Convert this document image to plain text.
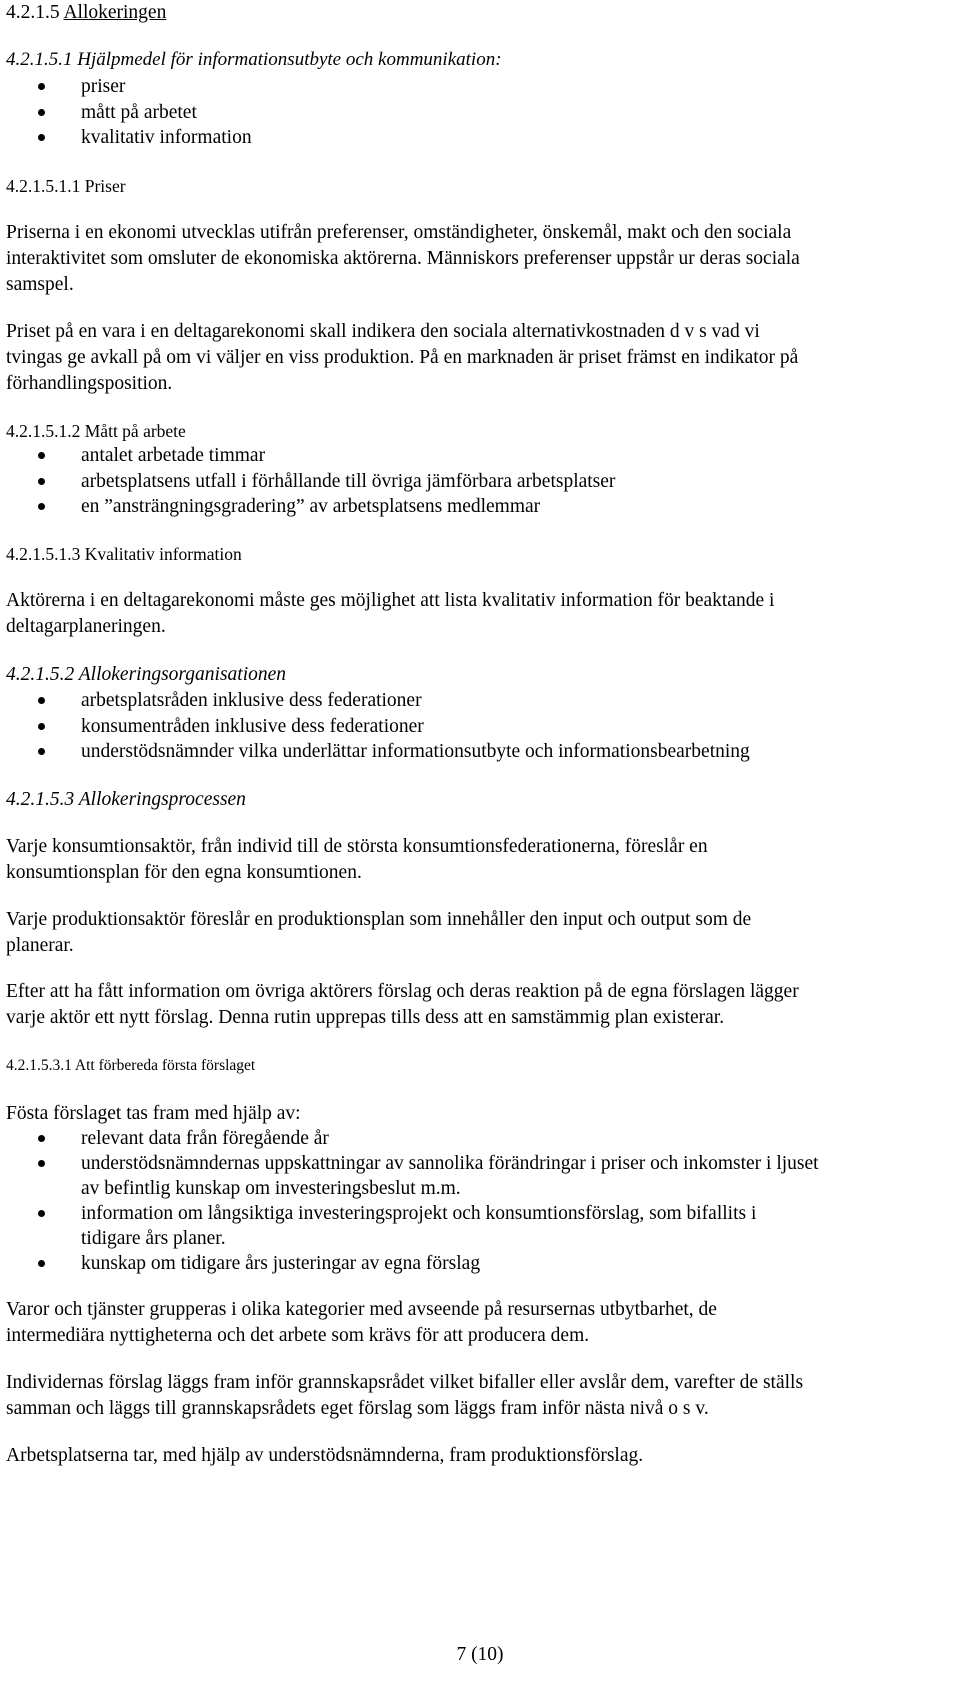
4.2.1.5 Allokeringen

4.2.1.5.1 Hjälpmedel för informationsutbyte och kommunikation:

priser
mått på arbetet
kvalitativ information

4.2.1.5.1.1 Priser

Priserna i en ekonomi utvecklas utifrån preferenser, omständigheter, önskemål, makt och den sociala

interaktivitet som omsluter de ekonomiska aktörerna. Människors preferenser uppstår ur deras sociala

samspel.

Priset på en vara i en deltagarekonomi skall indikera den sociala alternativkostnaden d v s vad vi

tvingas ge avkall på om vi väljer en viss produktion. På en marknaden är priset främst en indikator på

förhandlingsposition.

4.2.1.5.1.2 Mått på arbete

antalet arbetade timmar
arbetsplatsens utfall i förhållande till övriga jämförbara arbetsplatser
en ”ansträngningsgradering” av arbetsplatsens medlemmar

4.2.1.5.1.3 Kvalitativ information

Aktörerna i en deltagarekonomi måste ges möjlighet att lista kvalitativ information för beaktande i

deltagarplaneringen.

4.2.1.5.2 Allokeringsorganisationen

arbetsplatsråden inklusive dess federationer
konsumentråden inklusive dess federationer
understödsnämnder vilka underlättar informationsutbyte och informationsbearbetning

4.2.1.5.3 Allokeringsprocessen

Varje konsumtionsaktör, från individ till de största konsumtionsfederationerna, föreslår en

konsumtionsplan för den egna konsumtionen.

Varje produktionsaktör föreslår en produktionsplan som innehåller den input och output som de

planerar.

Efter att ha fått information om övriga aktörers förslag och deras reaktion på de egna förslagen lägger

varje aktör ett nytt förslag. Denna rutin upprepas tills dess att en samstämmig plan existerar.

4.2.1.5.3.1 Att förbereda första förslaget

Fösta förslaget tas fram med hjälp av:

relevant data från föregående år
understödsnämndernas uppskattningar av sannolika förändringar i priser och inkomster i ljuset
av befintlig kunskap om investeringsbeslut m.m.
information om långsiktiga investeringsprojekt och konsumtionsförslag, som bifallits i
tidigare års planer.
kunskap om tidigare års justeringar av egna förslag

Varor och tjänster grupperas i olika kategorier med avseende på resursernas utbytbarhet, de

intermediära nyttigheterna och det arbete som krävs för att producera dem.

Individernas förslag läggs fram inför grannskapsrådet vilket bifaller eller avslår dem, varefter de ställs

samman och läggs till grannskapsrådets eget förslag som läggs fram inför nästa nivå o s v.

Arbetsplatserna tar, med hjälp av understödsnämnderna, fram produktionsförslag.

7 (10)
